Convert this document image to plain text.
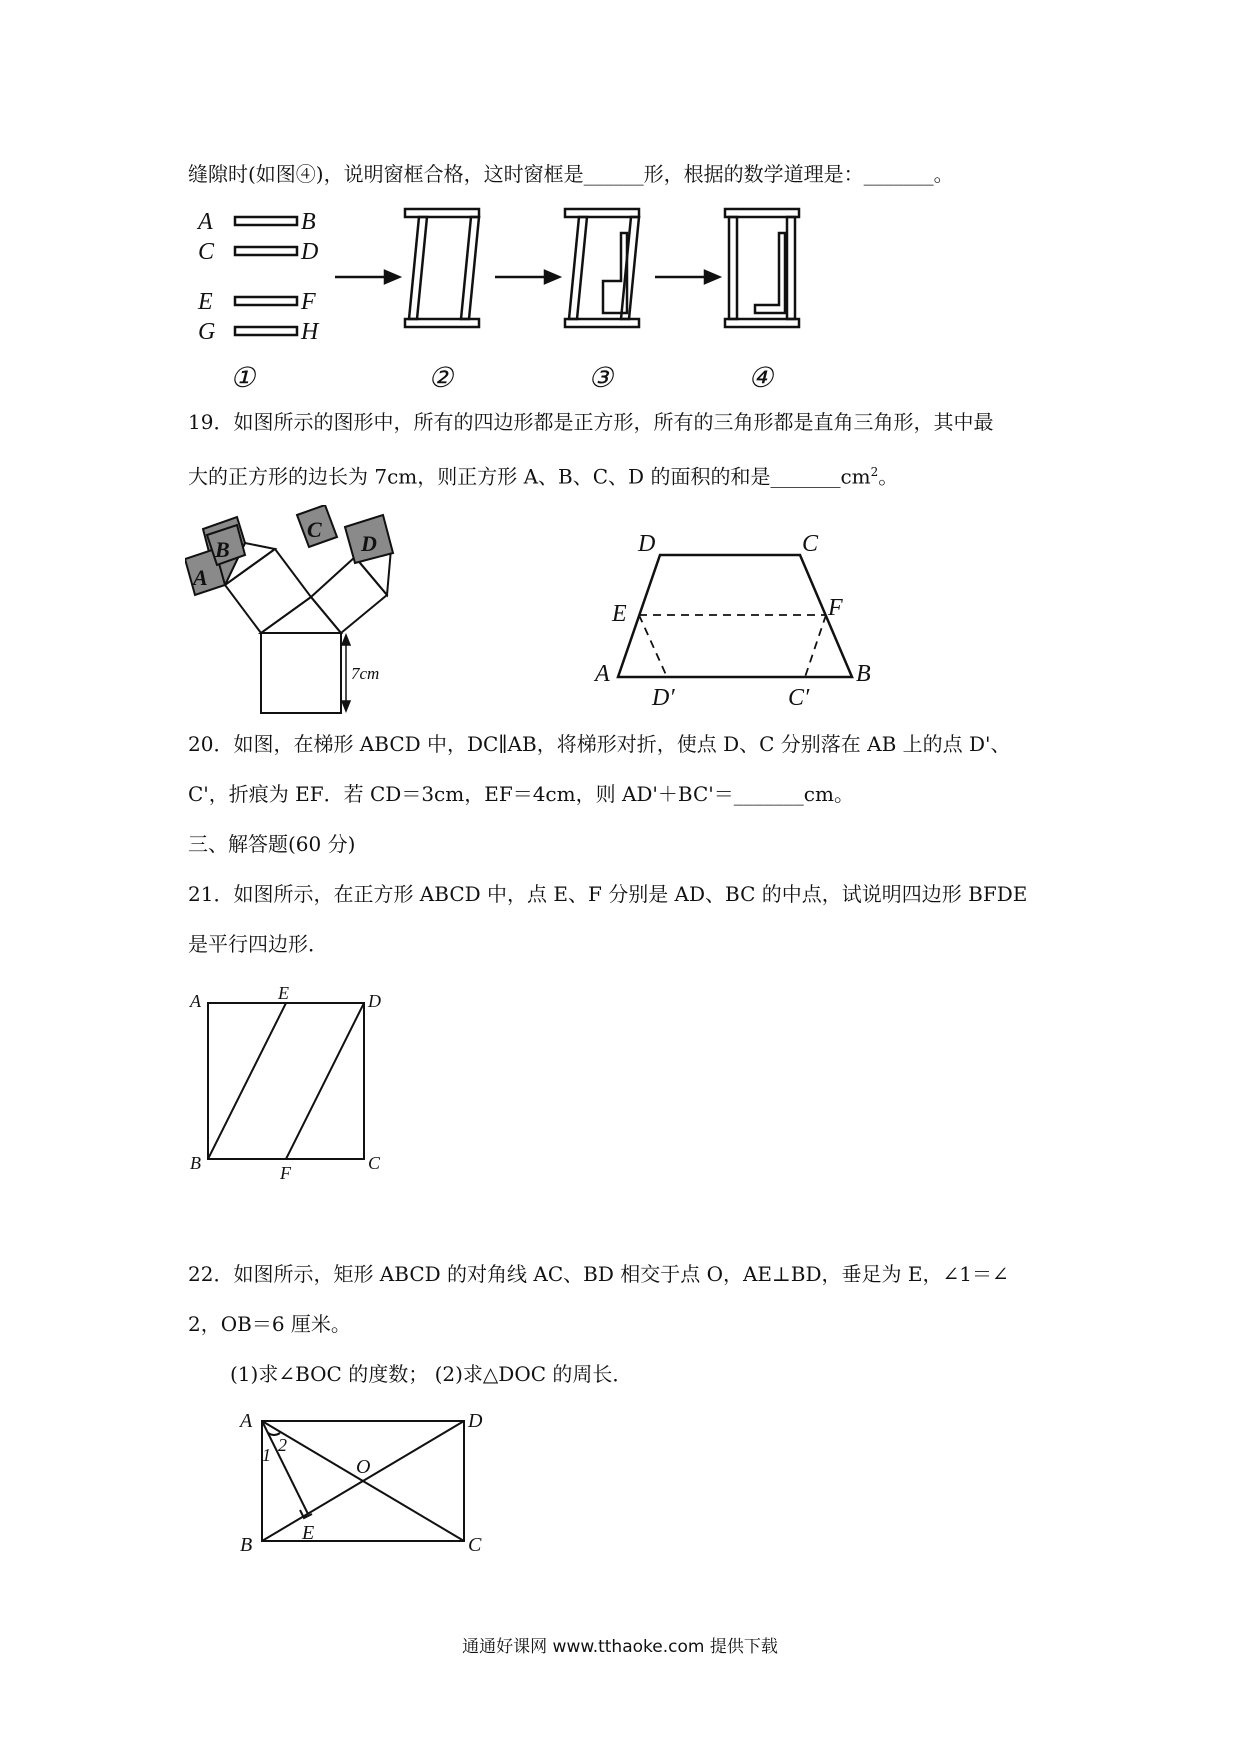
缝隙时(如图④)，说明窗框合格，这时窗框是______形，根据的数学道理是：_______。
A	B
C	D
E	F
G	H
①	②	③	④
19．如图所示的图形中，所有的四边形都是正方形，所有的三角形都是直角三角形，其中最
大的正方形的边长为 7cm，则正方形 A、B、C、D 的面积的和是$\_\_\_\_\_\_\_cm^2$。
A
B
C
D
7cm
D	C
E	F
A	B
D′	C′
20．如图，在梯形 ABCD 中，DC∥AB，将梯形对折，使点 D、C 分别落在 AB 上的点 D'、
C'，折痕为 EF．若 CD＝3cm，EF＝4cm，则 AD'＋BC'＝_______cm。
三、解答题(60 分)
21．如图所示，在正方形 ABCD 中，点 E、F 分别是 AD、BC 的中点，试说明四边形 BFDE
是平行四边形．
A	E	D
B	F	C
22．如图所示，矩形 ABCD 的对角线 AC、BD 相交于点 O，AE⊥BD，垂足为 E，∠1＝∠
2，OB＝6 厘米。
(1)求∠BOC 的度数； (2)求△DOC 的周长．
A	D
B	C
O
E
1 2
通通好课网 www.tthaoke.com 提供下载
